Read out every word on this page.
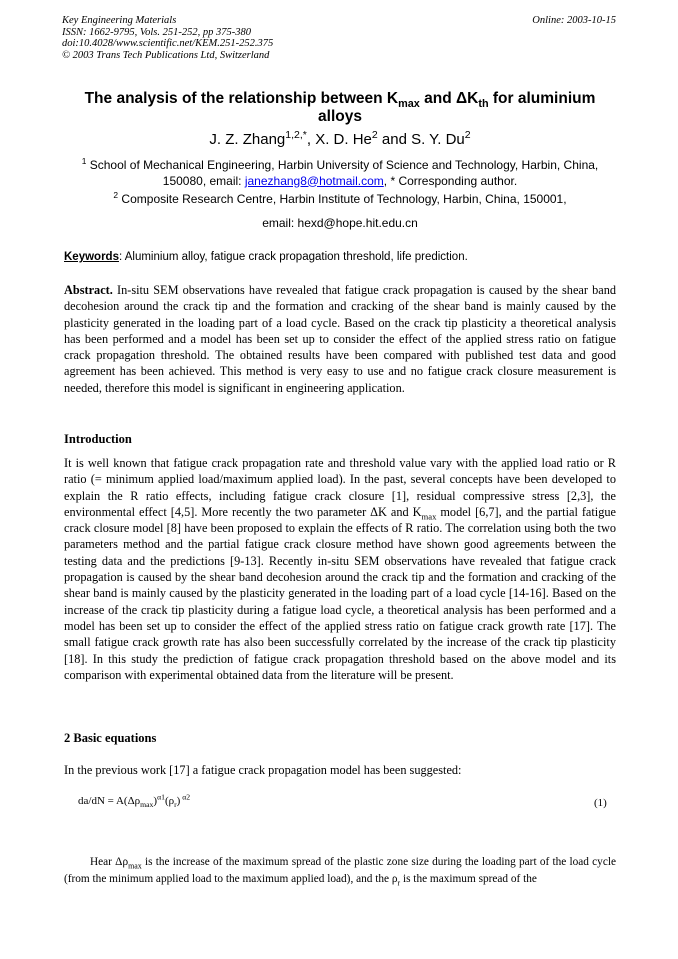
Key Engineering Materials
ISSN: 1662-9795, Vols. 251-252, pp 375-380
doi:10.4028/www.scientific.net/KEM.251-252.375
© 2003 Trans Tech Publications Ltd, Switzerland
Online: 2003-10-15
The analysis of the relationship between $K_{max}$ and $\Delta K_{th}$ for aluminium alloys
J. Z. Zhang$^{1,2,*}$, X. D. He$^2$ and S. Y. Du$^2$
$^1$ School of Mechanical Engineering, Harbin University of Science and Technology, Harbin, China, 150080, email: janezhang8@hotmail.com, * Corresponding author.
$^2$ Composite Research Centre, Harbin Institute of Technology, Harbin, China, 150001,
email: hexd@hope.hit.edu.cn
Keywords: Aluminium alloy, fatigue crack propagation threshold, life prediction.
Abstract. In-situ SEM observations have revealed that fatigue crack propagation is caused by the shear band decohesion around the crack tip and the formation and cracking of the shear band is mainly caused by the plasticity generated in the loading part of a load cycle. Based on the crack tip plasticity a theoretical analysis has been performed and a model has been set up to consider the effect of the applied stress ratio on fatigue crack propagation threshold. The obtained results have been compared with published test data and good agreement has been achieved. This method is very easy to use and no fatigue crack closure measurement is needed, therefore this model is significant in engineering application.
Introduction
It is well known that fatigue crack propagation rate and threshold value vary with the applied load ratio or R ratio (= minimum applied load/maximum applied load). In the past, several concepts have been developed to explain the R ratio effects, including fatigue crack closure [1], residual compressive stress [2,3], the environmental effect [4,5]. More recently the two parameter ΔK and $K_{max}$ model [6,7], and the partial fatigue crack closure model [8] have been proposed to explain the effects of R ratio. The correlation using both the two parameters method and the partial fatigue crack closure method have shown good agreements between the testing data and the predictions [9-13]. Recently in-situ SEM observations have revealed that fatigue crack propagation is caused by the shear band decohesion around the crack tip and the formation and cracking of the shear band is mainly caused by the plasticity generated in the loading part of a load cycle [14-16]. Based on the increase of the crack tip plasticity during a fatigue load cycle, a theoretical analysis has been performed and a model has been set up to consider the effect of the applied stress ratio on fatigue crack growth rate [17]. The small fatigue crack growth rate has also been successfully correlated by the increase of the crack tip plasticity [18]. In this study the prediction of fatigue crack propagation threshold based on the above model and its comparison with experimental obtained data from the literature will be present.
2 Basic equations
In the previous work [17] a fatigue crack propagation model has been suggested:
$da/dN = A(\Delta\rho_{max})^{\alpha 1}(\rho_r)$ $^{\alpha 2}$
(1)
Hear $\Delta\rho_{max}$ is the increase of the maximum spread of the plastic zone size during the loading part of the load cycle (from the minimum applied load to the maximum applied load), and the $\rho_r$ is the maximum spread of the
